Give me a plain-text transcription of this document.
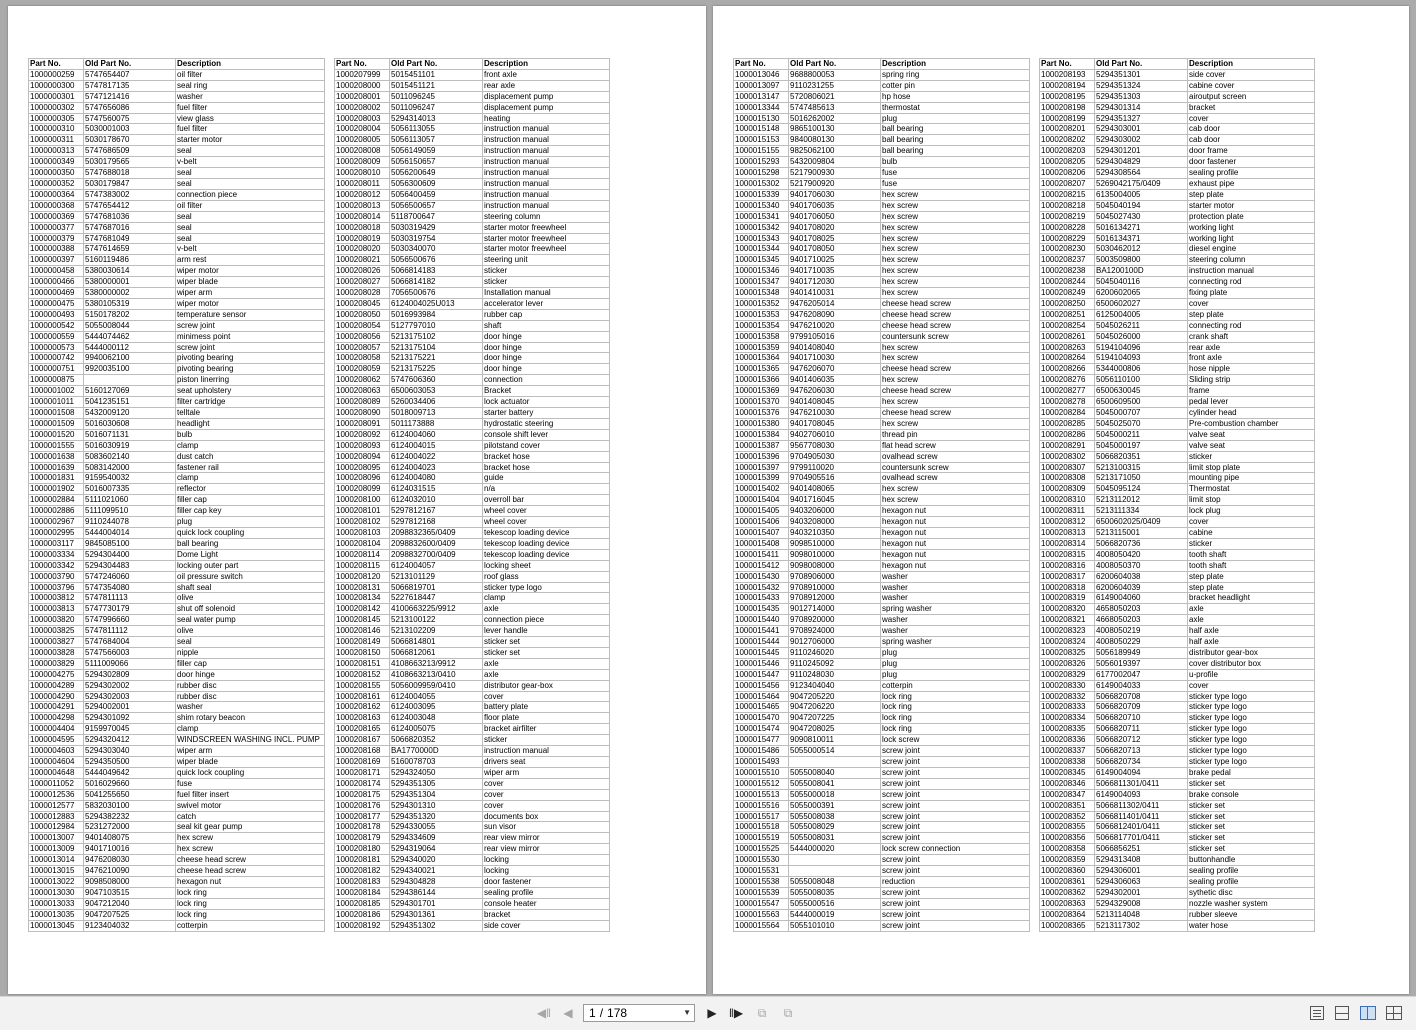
Part No.	Old Part No.	Description
1000000259	5747654407	oil filter
1000000300	5747817135	seal ring
1000000301	5747121416	washer
1000000302	5747656086	fuel filter
1000000305	5747560075	view glass
1000000310	5030001003	fuel filter
1000000311	5030178670	starter motor
1000000313	5747686509	seal
1000000349	5030179565	v-belt
1000000350	5747688018	seal
1000000352	5030179847	seal
1000000364	5747383002	connection piece
1000000368	5747654412	oil filter
1000000369	5747681036	seal
1000000377	5747687016	seal
1000000379	5747681049	seal
1000000388	5747614659	v-belt
1000000397	5160119486	arm rest
1000000458	5380030614	wiper motor
1000000466	5380000001	wiper blade
1000000469	5380000002	wiper arm
1000000475	5380105319	wiper motor
1000000493	5150178202	temperature sensor
1000000542	5055008044	screw joint
1000000559	5444074462	minimess point
1000000573	5444000112	screw joint
1000000742	9940062100	pivoting bearing
1000000751	9920035100	pivoting bearing
1000000875		piston linerring
1000001002	5160127069	seat upholstery
1000001011	5041235151	filter cartridge
1000001508	5432009120	telltale
1000001509	5016030608	headlight
1000001520	5016071131	bulb
1000001555	5016030919	clamp
1000001638	5083602140	dust catch
1000001639	5083142000	fastener rail
1000001831	9159540032	clamp
1000001902	5016007335	reflector
1000002884	5111021060	filler cap
1000002886	5111099510	filler cap key
1000002967	9110244078	plug
1000002995	5444004014	quick lock coupling
1000003117	9845085100	ball bearing
1000003334	5294304400	Dome Light
1000003342	5294304483	locking outer part
1000003790	5747246060	oil pressure switch
1000003796	5747354080	shaft seal
1000003812	5747811113	olive
1000003813	5747730179	shut off solenoid
1000003820	5747996660	seal water pump
1000003825	5747811112	olive
1000003827	5747684004	seal
1000003828	5747566003	nipple
1000003829	5111009066	filler cap
1000004275	5294302809	door hinge
1000004289	5294302002	rubber disc
1000004290	5294302003	rubber disc
1000004291	5294002001	washer
1000004298	5294301092	shim rotary beacon
1000004404	9159970045	clamp
1000004595	5294320412	WINDSCREEN WASHING INCL. PUMP
1000004603	5294303040	wiper arm
1000004604	5294350500	wiper blade
1000004648	5444049642	quick lock coupling
1000011052	5016029660	fuse
1000012536	5041255650	fuel filter insert
1000012577	5832030100	swivel motor
1000012883	5294382232	catch
1000012984	5231272000	seal kit gear pump
1000013007	9401408075	hex screw
1000013009	9401710016	hex screw
1000013014	9476208030	cheese head screw
1000013015	9476210090	cheese head screw
1000013022	9098508000	hexagon nut
1000013030	9047103515	lock ring
1000013033	9047212040	lock ring
1000013035	9047207525	lock ring
1000013045	9123404032	cotterpin
Part No.	Old Part No.	Description
1000207999	5015451101	front axle
1000208000	5015451121	rear axle
1000208001	5011096245	displacement pump
1000208002	5011096247	displacement pump
1000208003	5294314013	heating
1000208004	5056113055	instruction manual
1000208005	5056113057	instruction manual
1000208008	5056149059	instruction manual
1000208009	5056150657	instruction manual
1000208010	5056200649	instruction manual
1000208011	5056300609	instruction manual
1000208012	5056400459	instruction manual
1000208013	5056500657	instruction manual
1000208014	5118700647	steering column
1000208018	5030319429	starter motor freewheel
1000208019	5030319754	starter motor freewheel
1000208020	5030340070	starter motor freewheel
1000208021	5056500676	steering unit
1000208026	5066814183	sticker
1000208027	5066814182	sticker
1000208028	7056500676	Installation manual
1000208045	6124004025U013	accelerator lever
1000208050	5016993984	rubber cap
1000208054	5127797010	shaft
1000208056	5213175102	door hinge
1000208057	5213175104	door hinge
1000208058	5213175221	door hinge
1000208059	5213175225	door hinge
1000208062	5747606360	connection
1000208063	6500603053	Bracket
1000208089	5260034406	lock actuator
1000208090	5018009713	starter battery
1000208091	5011173888	hydrostatic steering
1000208092	6124004060	console shift lever
1000208093	6124004015	pilotstand cover
1000208094	6124004022	bracket hose
1000208095	6124004023	bracket hose
1000208096	6124004080	guide
1000208099	6124031515	n/a
1000208100	6124032010	overroll bar
1000208101	5297812167	wheel cover
1000208102	5297812168	wheel cover
1000208103	2098832365/0409	tekescop loading device
1000208104	2098832600/0409	tekescop loading device
1000208114	2098832700/0409	tekescop loading device
1000208115	6124004057	locking sheet
1000208120	5213101129	roof glass
1000208131	5066819701	sticker type logo
1000208134	5227618447	clamp
1000208142	4100663225/9912	axle
1000208145	5213100122	connection piece
1000208146	5213102209	lever handle
1000208149	5066814801	sticker set
1000208150	5066812061	sticker set
1000208151	4108663213/9912	axle
1000208152	4108663213/0410	axle
1000208155	5056009959/0410	distributor gear-box
1000208161	6124004055	cover
1000208162	6124003095	battery plate
1000208163	6124003048	floor plate
1000208165	6124005075	bracket airfilter
1000208167	5066820352	sticker
1000208168	BA1770000D	instruction manual
1000208169	5160078703	drivers seat
1000208171	5294324050	wiper arm
1000208174	5294351305	cover
1000208175	5294351304	cover
1000208176	5294301310	cover
1000208177	5294351320	documents box
1000208178	5294330055	sun visor
1000208179	5294334609	rear view mirror
1000208180	5294319064	rear view mirror
1000208181	5294340020	locking
1000208182	5294340021	locking
1000208183	5294304828	door fastener
1000208184	5294386144	sealing profile
1000208185	5294301701	console heater
1000208186	5294301361	bracket
1000208192	5294351302	side cover
Part No.	Old Part No.	Description
1000013046	9688800053	spring ring
1000013097	9110231255	cotter pin
1000013147	5720806021	hp hose
1000013344	5747485613	thermostat
1000015130	5016262002	plug
1000015148	9865100130	ball bearing
1000015153	9840080130	ball bearing
1000015155	9825062100	ball bearing
1000015293	5432009804	bulb
1000015298	5217900930	fuse
1000015302	5217900920	fuse
1000015339	9401706030	hex screw
1000015340	9401706035	hex screw
1000015341	9401706050	hex screw
1000015342	9401708020	hex screw
1000015343	9401708025	hex screw
1000015344	9401708050	hex screw
1000015345	9401710025	hex screw
1000015346	9401710035	hex screw
1000015347	9401712030	hex screw
1000015348	9401410031	hex screw
1000015352	9476205014	cheese head screw
1000015353	9476208090	cheese head screw
1000015354	9476210020	cheese head screw
1000015358	9799105016	countersunk screw
1000015359	9401408040	hex screw
1000015364	9401710030	hex screw
1000015365	9476206070	cheese head screw
1000015366	9401406035	hex screw
1000015369	9476206030	cheese head screw
1000015370	9401408045	hex screw
1000015376	9476210030	cheese head screw
1000015380	9401708045	hex screw
1000015384	9402706010	thread pin
1000015387	9567708030	flat head screw
1000015396	9704905030	ovalhead screw
1000015397	9799110020	countersunk screw
1000015399	9704905516	ovalhead screw
1000015402	9401408065	hex screw
1000015404	9401716045	hex screw
1000015405	9403206000	hexagon nut
1000015406	9403208000	hexagon nut
1000015407	9403210350	hexagon nut
1000015408	9098510000	hexagon nut
1000015411	9098010000	hexagon nut
1000015412	9098008000	hexagon nut
1000015430	9708906000	washer
1000015432	9708910000	washer
1000015433	9708912000	washer
1000015435	9012714000	spring washer
1000015440	9708920000	washer
1000015441	9708924000	washer
1000015444	9012706000	spring washer
1000015445	9110246020	plug
1000015446	9110245092	plug
1000015447	9110248030	plug
1000015456	9123404040	cotterpin
1000015464	9047205220	lock ring
1000015465	9047206220	lock ring
1000015470	9047207225	lock ring
1000015474	9047208025	lock ring
1000015477	9090810011	lock screw
1000015486	5055000514	screw joint
1000015493		screw joint
1000015510	5055008040	screw joint
1000015512	5055008041	screw joint
1000015513	5055000018	screw joint
1000015516	5055000391	screw joint
1000015517	5055008038	screw joint
1000015518	5055008029	screw joint
1000015519	5055008031	screw joint
1000015525	5444000020	lock screw connection
1000015530		screw joint
1000015531		screw joint
1000015538	5055008048	reduction
1000015539	5055008035	screw joint
1000015547	5055000516	screw joint
1000015563	5444000019	screw joint
1000015564	5055101010	screw joint
Part No.	Old Part No.	Description
1000208193	5294351301	side cover
1000208194	5294351324	cabine cover
1000208195	5294351303	airoutput screen
1000208198	5294301314	bracket
1000208199	5294351327	cover
1000208201	5294303001	cab door
1000208202	5294303002	cab door
1000208203	5294301201	door frame
1000208205	5294304829	door fastener
1000208206	5294308564	sealing profile
1000208207	5269042175/0409	exhaust pipe
1000208215	6135004005	step plate
1000208218	5045040194	starter motor
1000208219	5045027430	protection plate
1000208228	5016134271	working light
1000208229	5016134371	working light
1000208230	5030462012	diesel engine
1000208237	5003509800	steering column
1000208238	BA1200100D	instruction manual
1000208244	5045040116	connecting rod
1000208249	6200602065	fixing plate
1000208250	6500602027	cover
1000208251	6125004005	step plate
1000208254	5045026211	connecting rod
1000208261	5045026000	crank shaft
1000208263	5194104096	rear axle
1000208264	5194104093	front axle
1000208266	5344000806	hose nipple
1000208276	5056110100	Sliding strip
1000208277	6500630045	frame
1000208278	6500609500	pedal lever
1000208284	5045000707	cylinder head
1000208285	5045025070	Pre-combustion chamber
1000208286	5045000211	valve seat
1000208291	5045000197	valve seat
1000208302	5066820351	sticker
1000208307	5213100315	limit stop plate
1000208308	5213171050	mounting pipe
1000208309	5045095124	Thermostat
1000208310	5213112012	limit stop
1000208311	5213111334	lock plug
1000208312	6500602025/0409	cover
1000208313	5213115001	cabine
1000208314	5066820736	sticker
1000208315	4008050420	tooth shaft
1000208316	4008050370	tooth shaft
1000208317	6200604038	step plate
1000208318	6200604039	step plate
1000208319	6149004060	bracket headlight
1000208320	4658050203	axle
1000208321	4668050203	axle
1000208323	4008050219	half axle
1000208324	4008050229	half axle
1000208325	5056189949	distributor gear-box
1000208326	5056019397	cover distributor box
1000208329	6177002047	u-profile
1000208330	6149004033	cover
1000208332	5066820708	sticker type logo
1000208333	5066820709	sticker type logo
1000208334	5066820710	sticker type logo
1000208335	5066820711	sticker type logo
1000208336	5066820712	sticker type logo
1000208337	5066820713	sticker type logo
1000208338	5066820734	sticker type logo
1000208345	6149004094	brake pedal
1000208346	5066811301/0411	sticker set
1000208347	6149004093	brake console
1000208351	5066811302/0411	sticker set
1000208352	5066811401/0411	sticker set
1000208355	5066812401/0411	sticker set
1000208356	5066817701/0411	sticker set
1000208358	5066856251	sticker set
1000208359	5294313408	buttonhandle
1000208360	5294306001	sealing profile
1000208361	5294306063	sealing profile
1000208362	5294302001	sythetic disc
1000208363	5294329008	nozzle washer system
1000208364	5213114048	rubber sleeve
1000208365	5213117302	water hose
◀‖ ◀	1 / 178	▼ ▶ ‖▶	⧉	⧉
